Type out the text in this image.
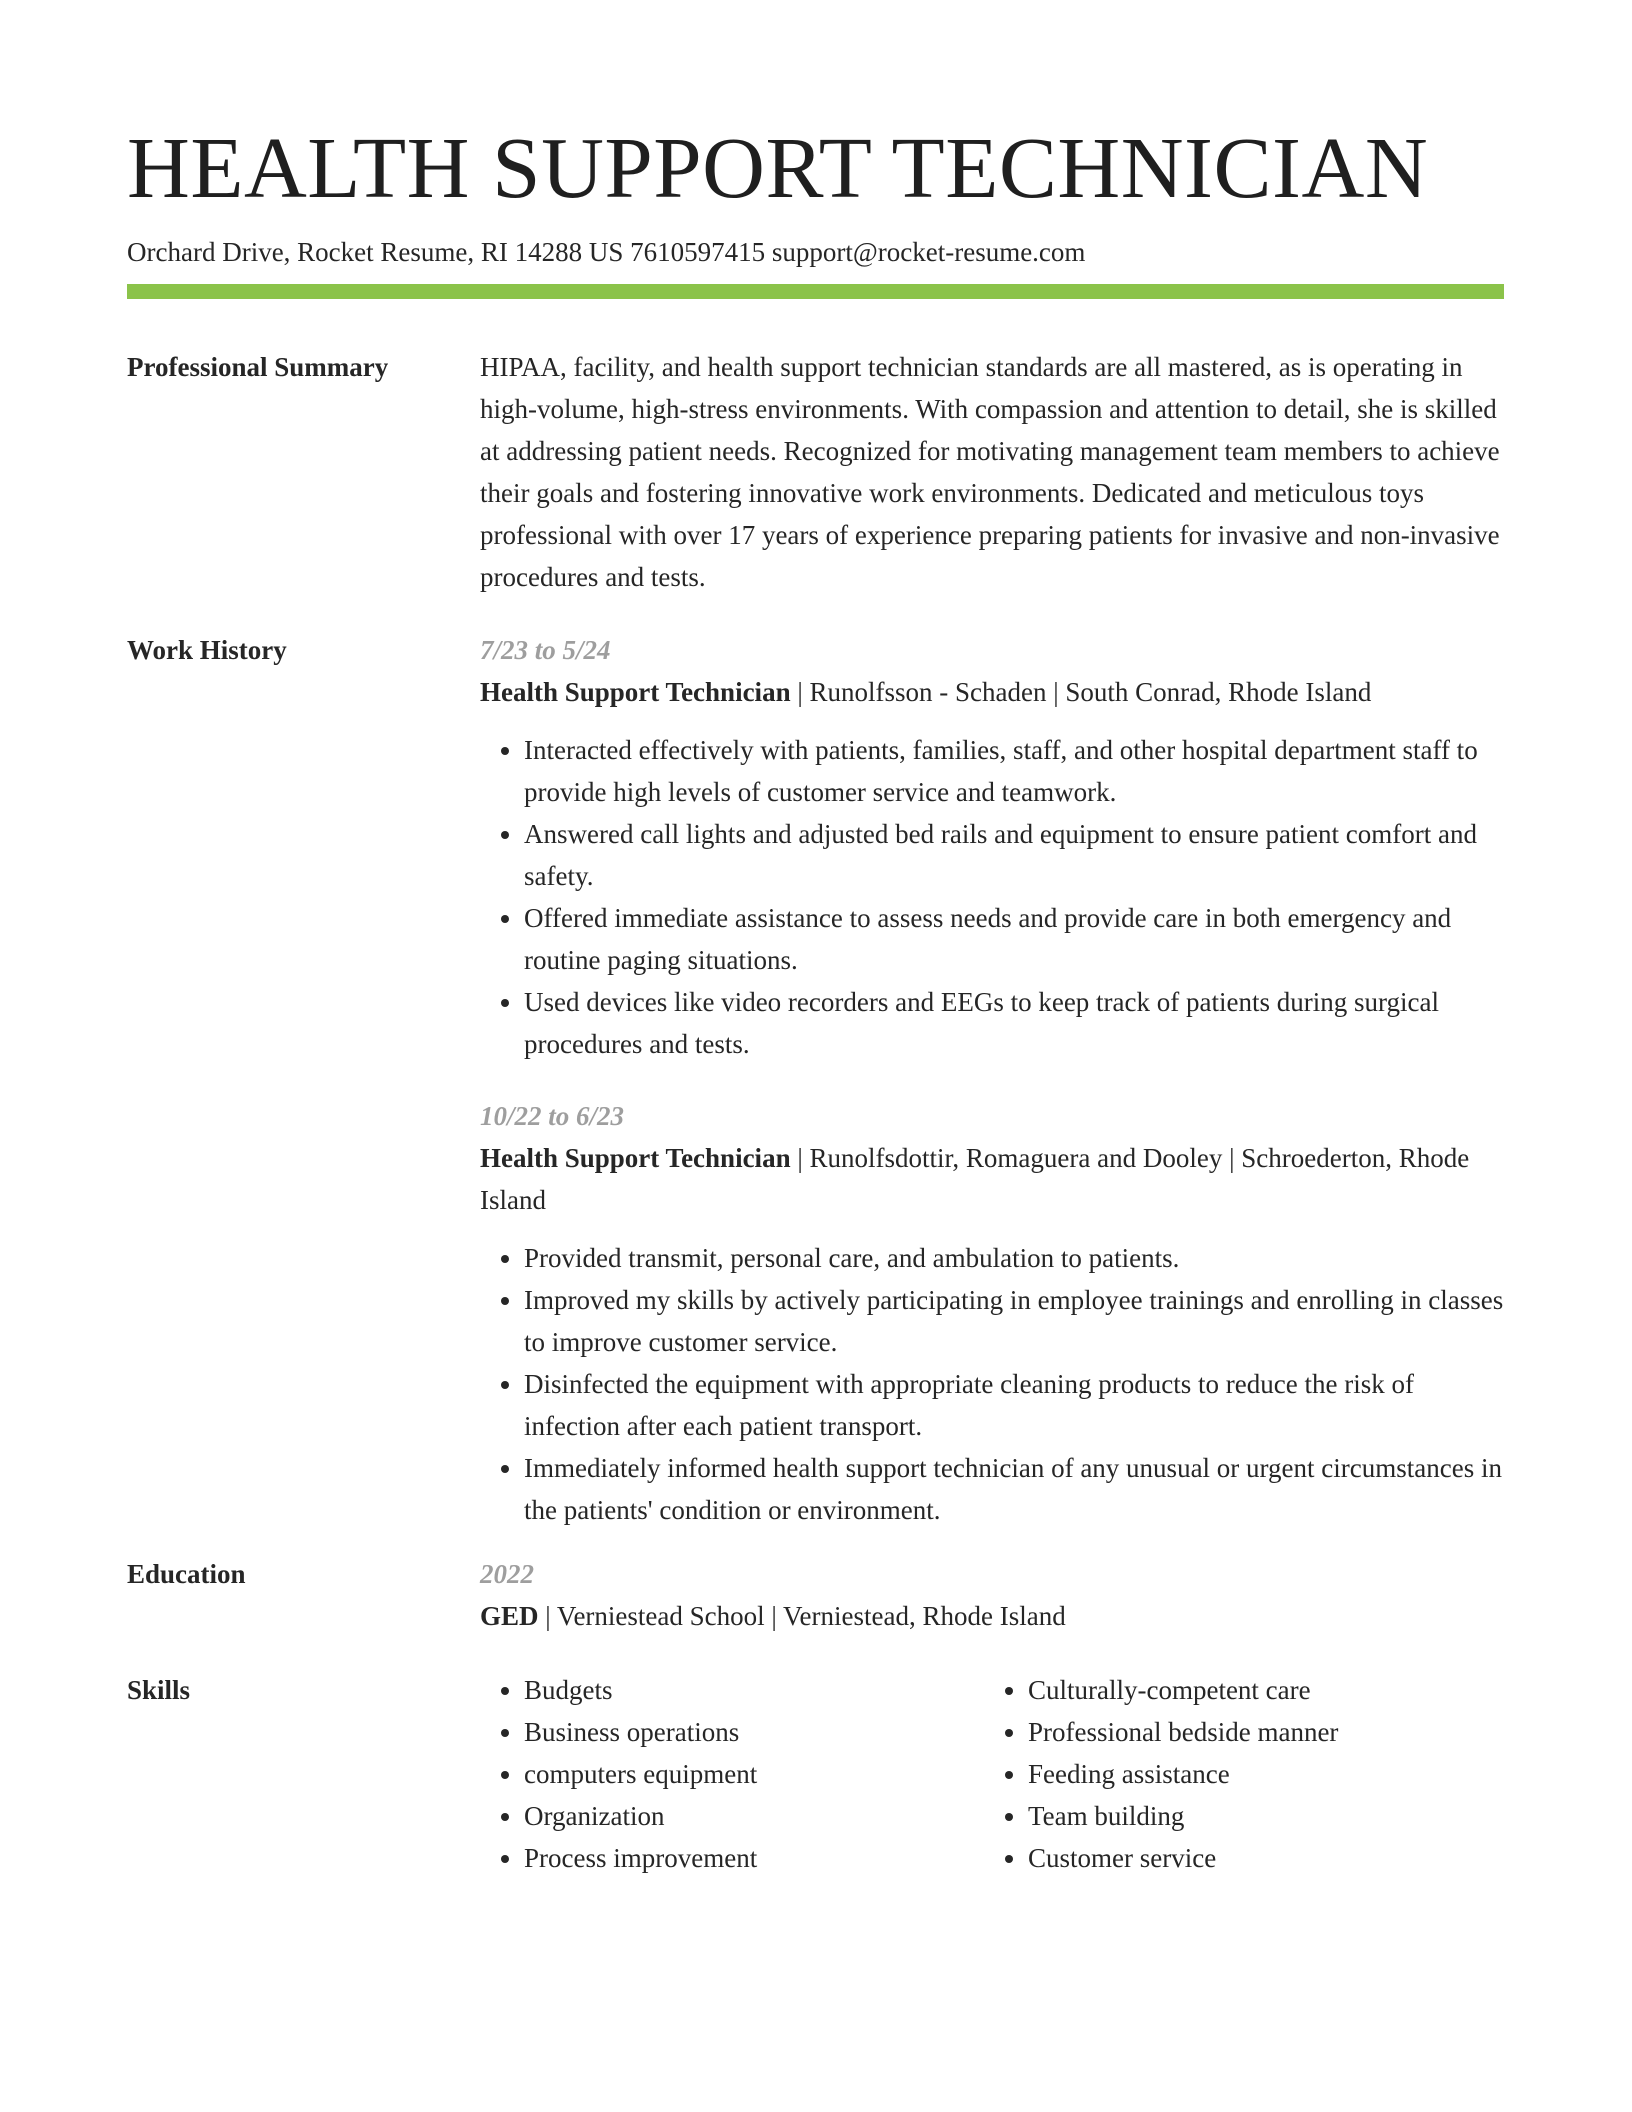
HEALTH SUPPORT TECHNICIAN
Orchard Drive, Rocket Resume, RI 14288 US 7610597415 support@rocket-resume.com
Professional Summary	HIPAA, facility, and health support technician standards are all mastered, as is operating in high-volume, high-stress environments. With compassion and attention to detail, she is skilled at addressing patient needs. Recognized for motivating management team members to achieve their goals and fostering innovative work environments. Dedicated and meticulous toys professional with over 17 years of experience preparing patients for invasive and non-invasive procedures and tests.
Work History	7/23 to 5/24
Health Support Technician | Runolfsson - Schaden | South Conrad, Rhode Island
• Interacted effectively with patients, families, staff, and other hospital department staff to provide high levels of customer service and teamwork.
• Answered call lights and adjusted bed rails and equipment to ensure patient comfort and safety.
• Offered immediate assistance to assess needs and provide care in both emergency and routine paging situations.
• Used devices like video recorders and EEGs to keep track of patients during surgical procedures and tests.
10/22 to 6/23
Health Support Technician | Runolfsdottir, Romaguera and Dooley | Schroederton, Rhode Island
• Provided transmit, personal care, and ambulation to patients.
• Improved my skills by actively participating in employee trainings and enrolling in classes to improve customer service.
• Disinfected the equipment with appropriate cleaning products to reduce the risk of infection after each patient transport.
• Immediately informed health support technician of any unusual or urgent circumstances in the patients' condition or environment.
Education	2022
GED | Verniestead School | Verniestead, Rhode Island
Skills
•	Budgets
• Business operations
• computers equipment
• Organization
• Process improvement
• Culturally-competent care
• Professional bedside manner
• Feeding assistance
• Team building
• Customer service
